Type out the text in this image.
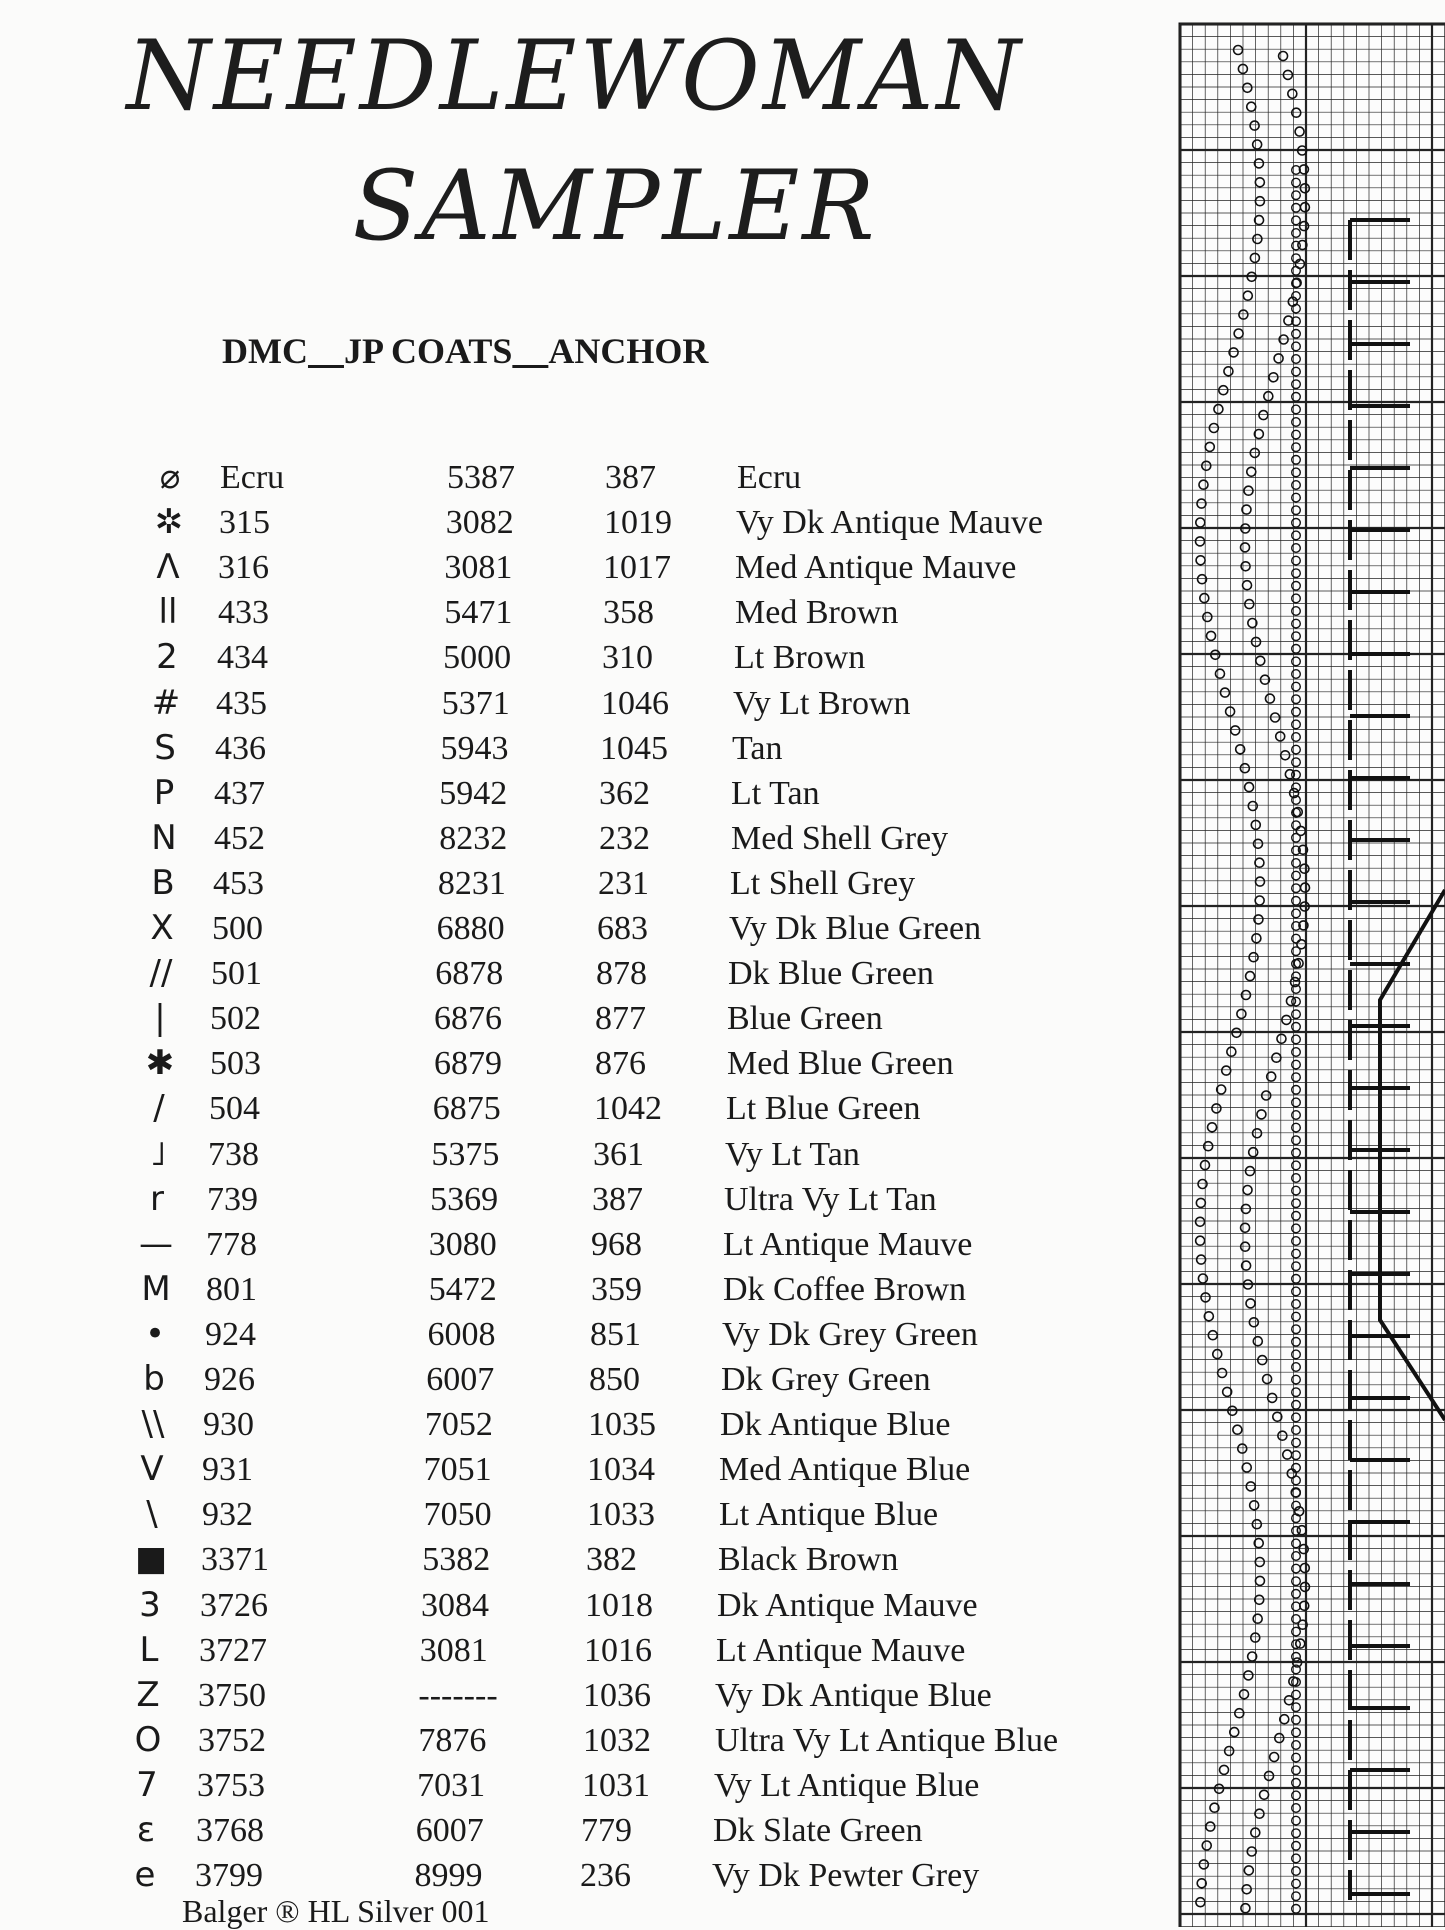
NEEDLEWOMAN
SAMPLER
DMC JP COATS ANCHOR
⌀	Ecru	5387	387 Ecru
✲	315	3082	1019 Vy Dk Antique Mauve
Λ	316	3081	1017 Med Antique Mauve
ll	433	5471	358 Med Brown
2	434	5000	310 Lt Brown
#	435	5371	1046 Vy Lt Brown
S	436	5943	1045 Tan
P	437	5942	362 Lt Tan
N	452	8232	232 Med Shell Grey
B	453	8231	231 Lt Shell Grey
X	500	6880	683 Vy Dk Blue Green
//	501	6878	878 Dk Blue Green
|	502	6876	877 Blue Green
✱	503	6879	876 Med Blue Green
/	504	6875	1042 Lt Blue Green
˩	738	5375	361 Vy Lt Tan
r	739	5369	387 Ultra Vy Lt Tan
— 778	3080	968 Lt Antique Mauve
M	801	5472	359 Dk Coffee Brown
•	924	6008	851 Vy Dk Grey Green
b	926	6007	850 Dk Grey Green
\\	930	7052	1035 Dk Antique Blue
V	931	7051	1034 Med Antique Blue
\	932	7050	1033 Lt Antique Blue
■ 3371	5382	382 Black Brown
3	3726	3084	1018 Dk Antique Mauve
L	3727	3081	1016 Lt Antique Mauve
Z	3750	-------	1036 Vy Dk Antique Blue
O	3752	7876	1032 Ultra Vy Lt Antique Blue
7	3753	7031	1031 Vy Lt Antique Blue
ε	3768	6007	779 Dk Slate Green
e	3799	8999	236 Vy Dk Pewter Grey
Balger ® HL Silver 001
